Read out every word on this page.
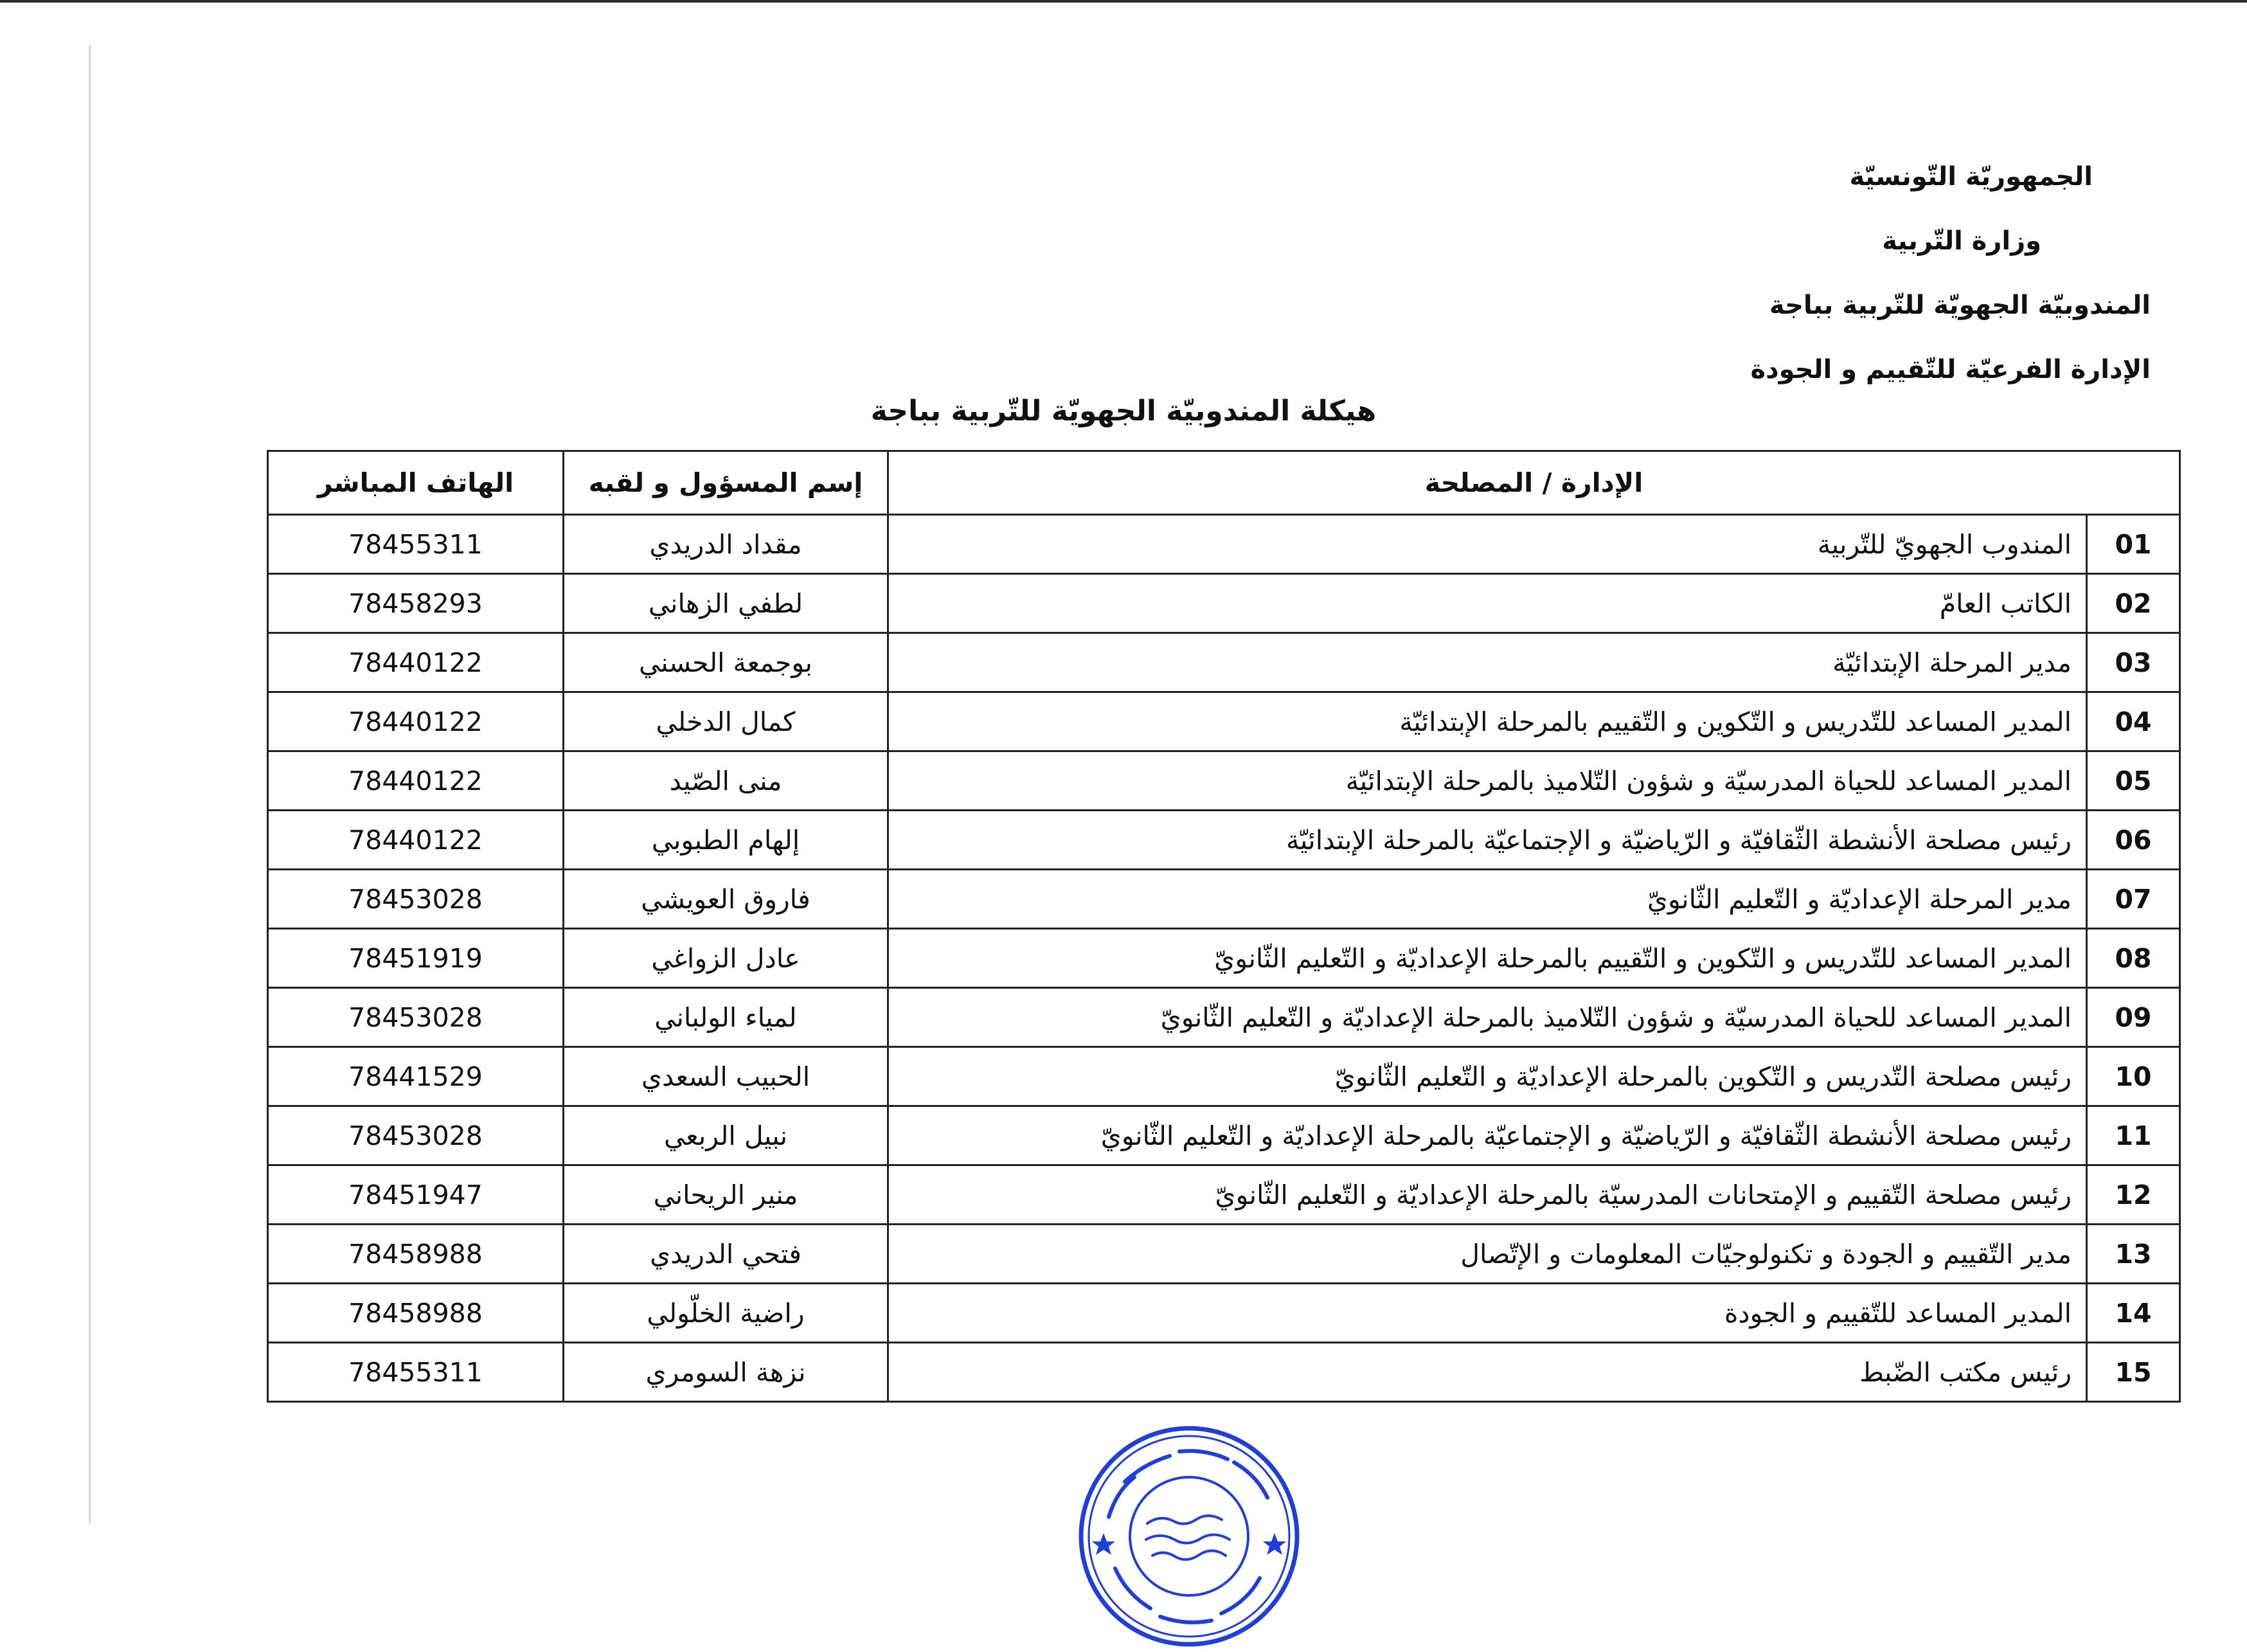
الجمهوريّة التّونسيّة
وزارة التّربية
المندوبيّة الجهويّة للتّربية بباجة
الإدارة الفرعيّة للتّقييم و الجودة
هيكلة المندوبيّة الجهويّة للتّربية بباجة
الإدارة / المصلحة		إسم المسؤول و لقبه	الهاتف المباشر
01	المندوب الجهويّ للتّربية	مقداد الدريدي	78455311
02	الكاتب العامّ	لطفي الزهاني	78458293
03	مدير المرحلة الإبتدائيّة	بوجمعة الحسني	78440122
04	المدير المساعد للتّدريس و التّكوين و التّقييم بالمرحلة الإبتدائيّة	كمال الدخلي	78440122
05	المدير المساعد للحياة المدرسيّة و شؤون التّلاميذ بالمرحلة الإبتدائيّة	منى الصّيد	78440122
06	رئيس مصلحة الأنشطة الثّقافيّة و الرّياضيّة و الإجتماعيّة بالمرحلة الإبتدائيّة	إلهام الطبوبي	78440122
07	مدير المرحلة الإعداديّة و التّعليم الثّانويّ	فاروق العويشي	78453028
08	المدير المساعد للتّدريس و التّكوين و التّقييم بالمرحلة الإعداديّة و التّعليم الثّانويّ	عادل الزواغي	78451919
09	المدير المساعد للحياة المدرسيّة و شؤون التّلاميذ بالمرحلة الإعداديّة و التّعليم الثّانويّ	لمياء الولباني	78453028
10	رئيس مصلحة التّدريس و التّكوين بالمرحلة الإعداديّة و التّعليم الثّانويّ	الحبيب السعدي	78441529
11	رئيس مصلحة الأنشطة الثّقافيّة و الرّياضيّة و الإجتماعيّة بالمرحلة الإعداديّة و التّعليم الثّانويّ	نبيل الربعي	78453028
12	رئيس مصلحة التّقييم و الإمتحانات المدرسيّة بالمرحلة الإعداديّة و التّعليم الثّانويّ	منير الريحاني	78451947
13	مدير التّقييم و الجودة و تكنولوجيّات المعلومات و الإتّصال	فتحي الدريدي	78458988
14	المدير المساعد للتّقييم و الجودة	راضية الخلّولي	78458988
15	رئيس مكتب الضّبط	نزهة السومري	78455311
